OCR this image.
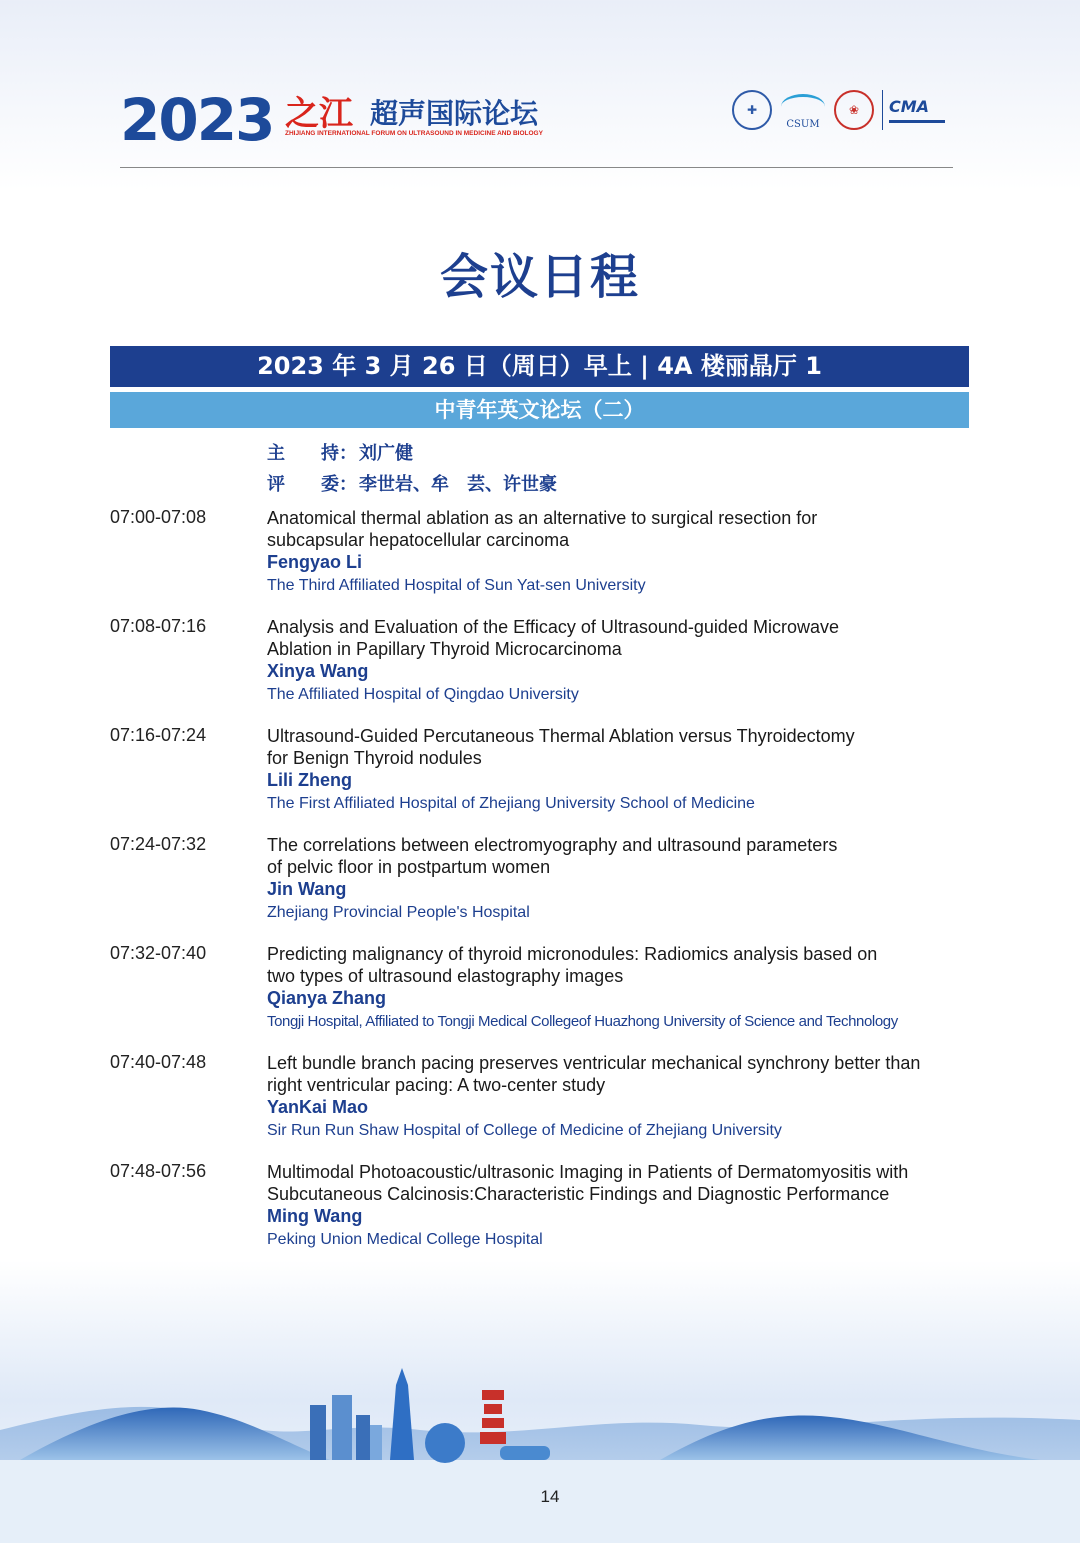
2023 之江 超声国际论坛
ZHIJIANG INTERNATIONAL FORUM ON ULTRASOUND IN MEDICINE AND BIOLOGY
✚
CSUM
❀	CMA
会议日程
2023 年 3 月 26 日（周日）早上 | 4A 楼丽晶厅 1
中青年英文论坛（二）
主　　持： 刘广健
评　　委： 李世岩、牟　芸、许世豪
07:00-07:08	Anatomical thermal ablation as an alternative to surgical resection for
subcapsular hepatocellular carcinoma
Fengyao Li
The Third Affiliated Hospital of Sun Yat-sen University
07:08-07:16	Analysis and Evaluation of the Efficacy of Ultrasound-guided Microwave
Ablation in Papillary Thyroid Microcarcinoma
Xinya Wang
The Affiliated Hospital of Qingdao University
07:16-07:24	Ultrasound-Guided Percutaneous Thermal Ablation versus Thyroidectomy
for Benign Thyroid nodules
Lili Zheng
The First Affiliated Hospital of Zhejiang University School of Medicine
07:24-07:32	The correlations between electromyography and ultrasound parameters
of pelvic floor in postpartum women
Jin Wang
Zhejiang Provincial People's Hospital
07:32-07:40	Predicting malignancy of thyroid micronodules: Radiomics analysis based on
two types of ultrasound elastography images
Qianya Zhang
Tongji Hospital, Affiliated to Tongji Medical Collegeof Huazhong University of Science and Technology
07:40-07:48	Left bundle branch pacing preserves ventricular mechanical synchrony better than
right ventricular pacing: A two-center study
YanKai Mao
Sir Run Run Shaw Hospital of College of Medicine of Zhejiang University
07:48-07:56	Multimodal Photoacoustic/ultrasonic Imaging in Patients of Dermatomyositis with
Subcutaneous Calcinosis:Characteristic Findings and Diagnostic Performance
Ming Wang
Peking Union Medical College Hospital
14
